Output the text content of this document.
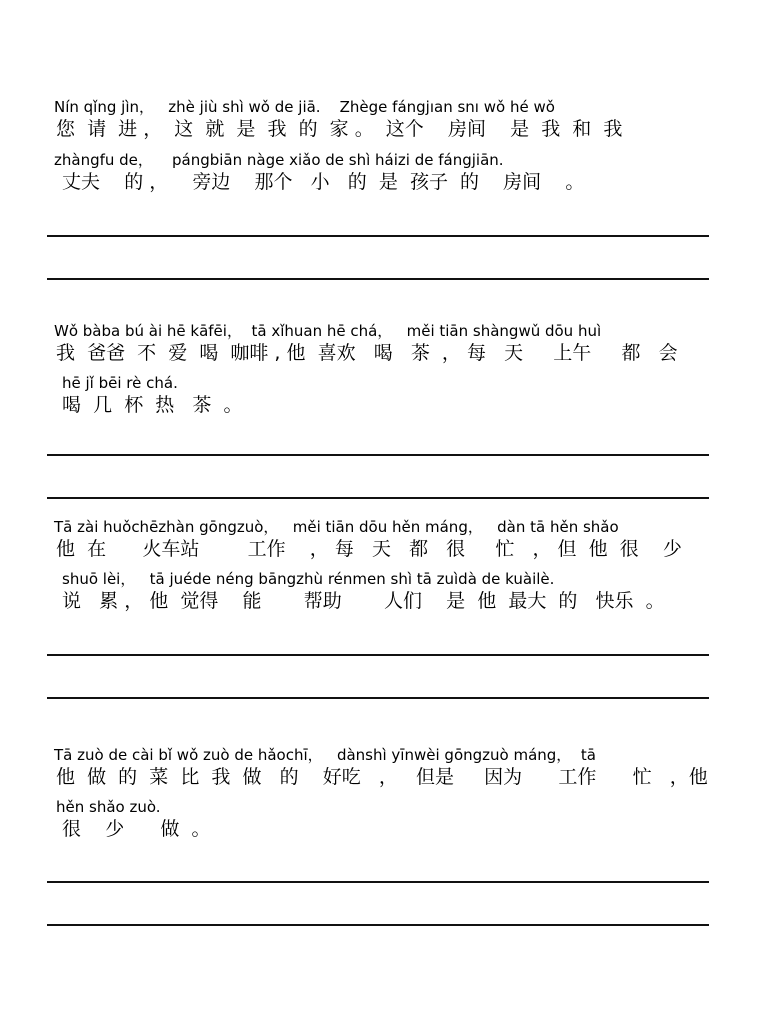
Nín qǐng jìn，   zhè jiù shì wǒ de jiā.    Zhège fángjıan snı wǒ hé wǒ
您  请  进 ，  这  就  是  我  的  家 。  这个    房间    是  我  和  我
zhàngfu de，    pángbiān nàge xiǎo de shì háizi de fángjiān.
丈夫    的 ，    旁边    那个   小   的  是  孩子  的    房间    。
Wǒ bàba bú ài hē kāfēi，  tā xǐhuan hē chá，   měi tiān shàngwǔ dōu huì
我  爸爸  不  爱  喝  咖啡 , 他  喜欢   喝   茶  ， 每   天     上午     都   会
hē jǐ bēi rè chá.
喝  几  杯  热   茶  。
Tā zài huǒchēzhàn gōngzuò，   měi tiān dōu hěn máng，   dàn tā hěn shǎo
他  在      火车站        工作    ， 每   天   都   很     忙   ， 但  他  很    少
shuō lèi，   tā juéde néng bāngzhù rénmen shì tā zuìdà de kuàilè.
说   累 ， 他  觉得    能       帮助       人们    是  他  最大  的   快乐  。
Tā zuò de cài bǐ wǒ zuò de hǎochī，   dànshì yīnwèi gōngzuò máng，  tā
他  做  的  菜  比  我  做   的    好吃   ，   但是     因为      工作      忙   ，他
hěn shǎo zuò.
很    少      做  。
